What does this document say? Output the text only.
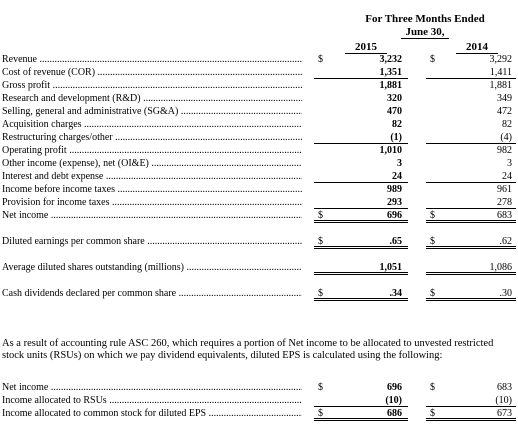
For Three Months Ended
June 30,
2015	2014
Revenue .....	$	3,232	$	3,292
Cost of revenue (COR) .....	1,351	1,411
Gross profit .....	1,881	1,881
Research and development (R&D) .....	320	349
Selling, general and administrative (SG&A) .....	470	472
Acquisition charges .....	82	82
Restructuring charges/other .....	(1)	(4)
Operating profit .....	1,010	982
Other income (expense), net (OI&E) .....	3	3
Interest and debt expense .....	24	24
Income before income taxes .....	989	961
Provision for income taxes .....	293	278
Net income .....	$	696	$	683
Diluted earnings per common share .....	$	.65	$	.62
Average diluted shares outstanding (millions) .....	1,051	1,086
Cash dividends declared per common share .....	$	.34	$	.30
Net income .....	$	696	$	683
Income allocated to RSUs .....	(10)	(10)
Income allocated to common stock for diluted EPS .....	$	686	$	673
As a result of accounting rule ASC 260, which requires a portion of Net income to be allocated to unvested restricted stock units (RSUs) on which we pay dividend equivalents, diluted EPS is calculated using the following:
